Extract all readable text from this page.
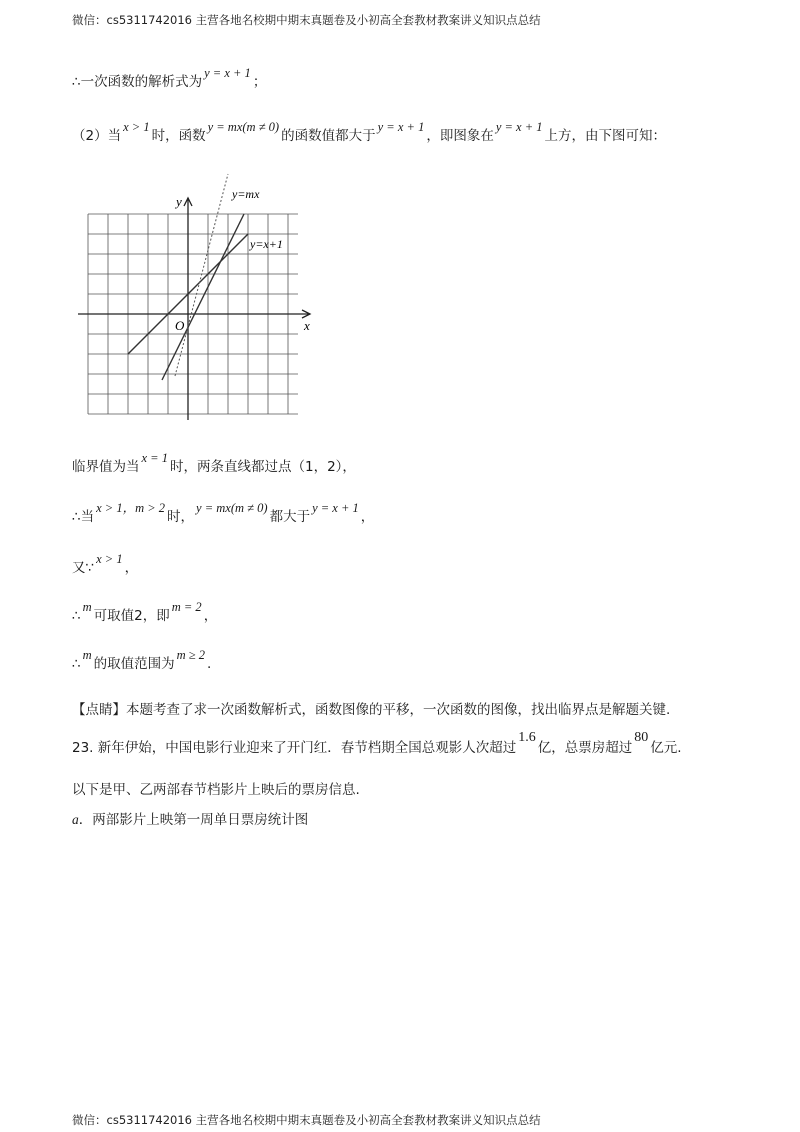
微信：cs5311742016 主营各地名校期中期末真题卷及小初高全套教材教案讲义知识点总结
∴一次函数的解析式为y = x + 1；
（2）当x > 1时，函数y = mx(m ≠ 0)的函数值都大于y = x + 1，即图象在y = x + 1上方，由下图可知：
x
y
O
y=mx
y=x+1
临界值为当x = 1时，两条直线都过点（1，2），
∴当x > 1，m > 2时，y = mx(m ≠ 0)都大于y = x + 1，
又∵x > 1，
∴m可取值2，即m = 2，
∴m的取值范围为m ≥ 2.
【点睛】本题考查了求一次函数解析式，函数图像的平移，一次函数的图像，找出临界点是解题关键.
23. 新年伊始，中国电影行业迎来了开门红．春节档期全国总观影人次超过1.6亿，总票房超过80亿元.
以下是甲、乙两部春节档影片上映后的票房信息.
a．两部影片上映第一周单日票房统计图
微信：cs5311742016 主营各地名校期中期末真题卷及小初高全套教材教案讲义知识点总结
